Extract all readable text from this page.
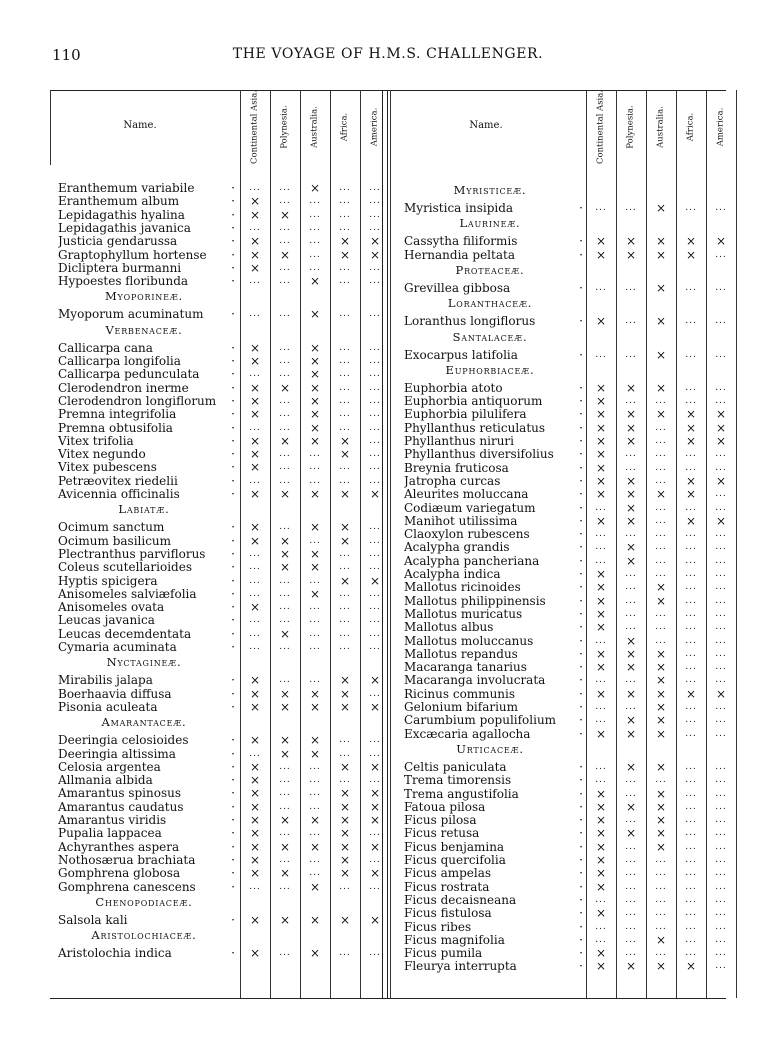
110	THE VOYAGE OF H.M.S. CHALLENGER.
Name.	Continental Asia. Polynesia. Australia. Africa. America.
Eranthemum variabile	·	...	...	×	...	...
Eranthemum album	·	×	...	...	...	...
Lepidagathis hyalina	·	×	×	...	...	...
Lepidagathis javanica	·	...	...	...	...	...
Justicia gendarussa	·	×	...	...	×	×
Graptophyllum hortense	·	×	×	...	×	×
Dicliptera burmanni	·	×	...	...	...	...
Hypoestes floribunda	·	...	...	×	...	...
Myoporineæ.
Myoporum acuminatum	·	...	...	×	...	...
Verbenaceæ.
Callicarpa cana	·	×	...	×	...	...
Callicarpa longifolia	·	×	...	×	...	...
Callicarpa pedunculata	·	...	...	×	...	...
Clerodendron inerme	·	×	×	×	...	...
Clerodendron longiflorum ·	×	...	×	...	...
Premna integrifolia	·	×	...	×	...	...
Premna obtusifolia	·	...	...	×	...	...
Vitex trifolia	·	×	×	×	×	...
Vitex negundo	·	×	...	...	×	...
Vitex pubescens	·	×	...	...	...	...
Petræovitex riedelii	·	...	...	...	...	...
Avicennia officinalis	·	×	×	×	×	×
Labiatæ.
Ocimum sanctum	·	×	...	×	×	...
Ocimum basilicum	·	×	×	...	×	...
Plectranthus parviflorus	·	...	×	×	...	...
Coleus scutellarioides	·	...	×	×	...	...
Hyptis spicigera	·	...	...	...	×	×
Anisomeles salviæfolia	·	...	...	×	...	...
Anisomeles ovata	·	×	...	...	...	...
Leucas javanica	·	...	...	...	...	...
Leucas decemdentata	·	...	×	...	...	...
Cymaria acuminata	·	...	...	...	...	...
Nyctagineæ.
Mirabilis jalapa	·	×	...	...	×	×
Boerhaavia diffusa	·	×	×	×	×	...
Pisonia aculeata	·	×	×	×	×	×
Amarantaceæ.
Deeringia celosioides	·	×	×	×	...	...
Deeringia altissima	·	...	×	×	...	...
Celosia argentea	·	×	...	...	×	×
Allmania albida	·	×	...	...	...	...
Amarantus spinosus	·	×	...	...	×	×
Amarantus caudatus	·	×	...	...	×	×
Amarantus viridis	·	×	×	×	×	×
Pupalia lappacea	·	×	...	...	×	...
Achyranthes aspera	·	×	×	×	×	×
Nothosærua brachiata	·	×	...	...	×	...
Gomphrena globosa	·	×	×	...	×	×
Gomphrena canescens	·	...	...	×	...	...
Chenopodiaceæ.
Salsola kali	·	×	×	×	×	×
Aristolochiaceæ.
Aristolochia indica	·	×	...	×	...	...
Name.	Continental Asia. Polynesia. Australia. Africa. America.
Myristiceæ.
Myristica insipida	·	...	...	×	...	...
Laurineæ.
Cassytha filiformis	·	×	×	×	×	×
Hernandia peltata	·	×	×	×	×	...
Proteaceæ.
Grevillea gibbosa	·	...	...	×	...	...
Loranthaceæ.
Loranthus longiflorus	·	×	...	×	...	...
Santalaceæ.
Exocarpus latifolia	·	...	...	×	...	...
Euphorbiaceæ.
Euphorbia atoto	·	×	×	×	...	...
Euphorbia antiquorum	·	×	...	...	...	...
Euphorbia pilulifera	·	×	×	×	×	×
Phyllanthus reticulatus	·	×	×	...	×	×
Phyllanthus niruri	·	×	×	...	×	×
Phyllanthus diversifolius	·	×	...	...	...	...
Breynia fruticosa	·	×	...	...	...	...
Jatropha curcas	·	×	×	...	×	×
Aleurites moluccana	·	×	×	×	×	...
Codiæum variegatum	·	...	×	...	...	...
Manihot utilissima	·	×	×	...	×	×
Claoxylon rubescens	·	...	...	...	...	...
Acalypha grandis	·	...	×	...	...	...
Acalypha pancheriana	·	...	×	...	...	...
Acalypha indica	·	×	...	...	...	...
Mallotus ricinoides	·	×	...	×	...	...
Mallotus philippinensis	·	×	...	×	...	...
Mallotus muricatus	·	×	...	...	...	...
Mallotus albus	·	×	...	...	...	...
Mallotus moluccanus	·	...	×	...	...	...
Mallotus repandus	·	×	×	×	...	...
Macaranga tanarius	·	×	×	×	...	...
Macaranga involucrata	·	...	...	×	...	...
Ricinus communis	·	×	×	×	×	×
Gelonium bifarium	·	...	...	×	...	...
Carumbium populifolium	·	...	×	×	...	...
Excæcaria agallocha	·	×	×	×	...	...
Urticaceæ.
Celtis paniculata	·	...	×	×	...	...
Trema timorensis	·	...	...	...	...	...
Trema angustifolia	·	×	...	×	...	...
Fatoua pilosa	·	×	×	×	...	...
Ficus pilosa	·	×	...	×	...	...
Ficus retusa	·	×	×	×	...	...
Ficus benjamina	·	×	...	×	...	...
Ficus quercifolia	·	×	...	...	...	...
Ficus ampelas	·	×	...	...	...	...
Ficus rostrata	·	×	...	...	...	...
Ficus decaisneana	·	...	...	...	...	...
Ficus fistulosa	·	×	...	...	...	...
Ficus ribes	·	...	...	...	...	...
Ficus magnifolia	·	...	...	×	...	...
Ficus pumila	·	×	...	...	...	...
Fleurya interrupta	·	×	×	×	×	...
